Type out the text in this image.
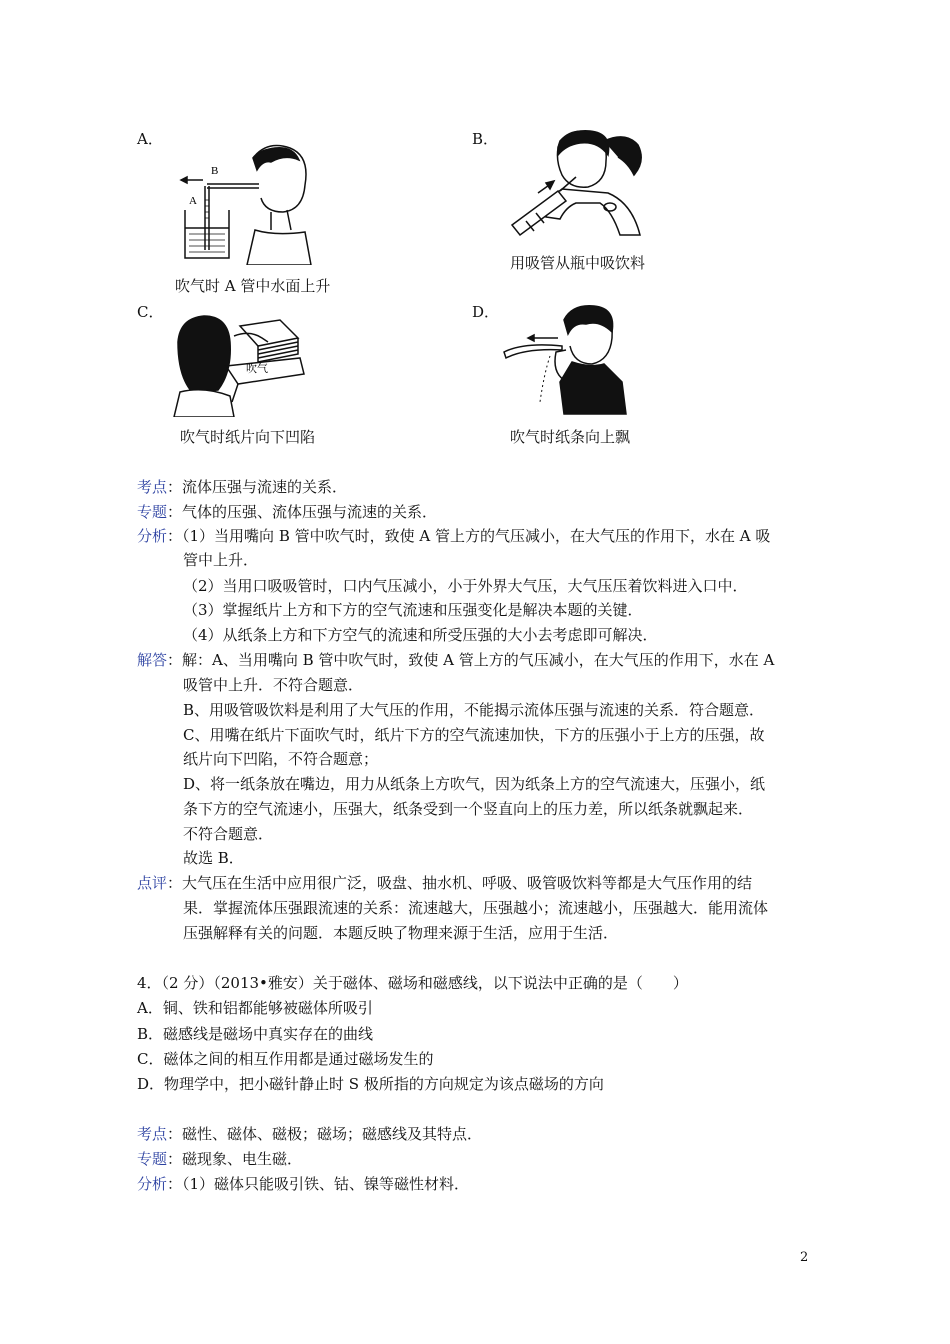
A．	B．
C．	D．
B
A
吹气时 A 管中水面上升
用吸管从瓶中吸饮料
吹气
吹气时纸片向下凹陷	吹气时纸条向上飘
考点：流体压强与流速的关系．
专题：气体的压强、流体压强与流速的关系．
分析：（1）当用嘴向 B 管中吹气时，致使 A 管上方的气压减小，在大气压的作用下，水在 A 吸
管中上升．
（2）当用口吸吸管时，口内气压减小，小于外界大气压，大气压压着饮料进入口中．
（3）掌握纸片上方和下方的空气流速和压强变化是解决本题的关键．
（4）从纸条上方和下方空气的流速和所受压强的大小去考虑即可解决．
解答：解：A、当用嘴向 B 管中吹气时，致使 A 管上方的气压减小，在大气压的作用下，水在 A
吸管中上升．不符合题意．
B、用吸管吸饮料是利用了大气压的作用，不能揭示流体压强与流速的关系．符合题意．
C、用嘴在纸片下面吹气时，纸片下方的空气流速加快，下方的压强小于上方的压强，故
纸片向下凹陷，不符合题意；
D、将一纸条放在嘴边，用力从纸条上方吹气，因为纸条上方的空气流速大，压强小，纸
条下方的空气流速小，压强大，纸条受到一个竖直向上的压力差，所以纸条就飘起来．
不符合题意．
故选 B．
点评：大气压在生活中应用很广泛，吸盘、抽水机、呼吸、吸管吸饮料等都是大气压作用的结
果．掌握流体压强跟流速的关系：流速越大，压强越小；流速越小，压强越大．能用流体
压强解释有关的问题．本题反映了物理来源于生活，应用于生活．
4．（2 分）（2013•雅安）关于磁体、磁场和磁感线，以下说法中正确的是（　　）
A．铜、铁和铝都能够被磁体所吸引
B．磁感线是磁场中真实存在的曲线
C．磁体之间的相互作用都是通过磁场发生的
D．物理学中，把小磁针静止时 S 极所指的方向规定为该点磁场的方向
考点：磁性、磁体、磁极；磁场；磁感线及其特点．
专题：磁现象、电生磁．
分析：（1）磁体只能吸引铁、钴、镍等磁性材料．
2
